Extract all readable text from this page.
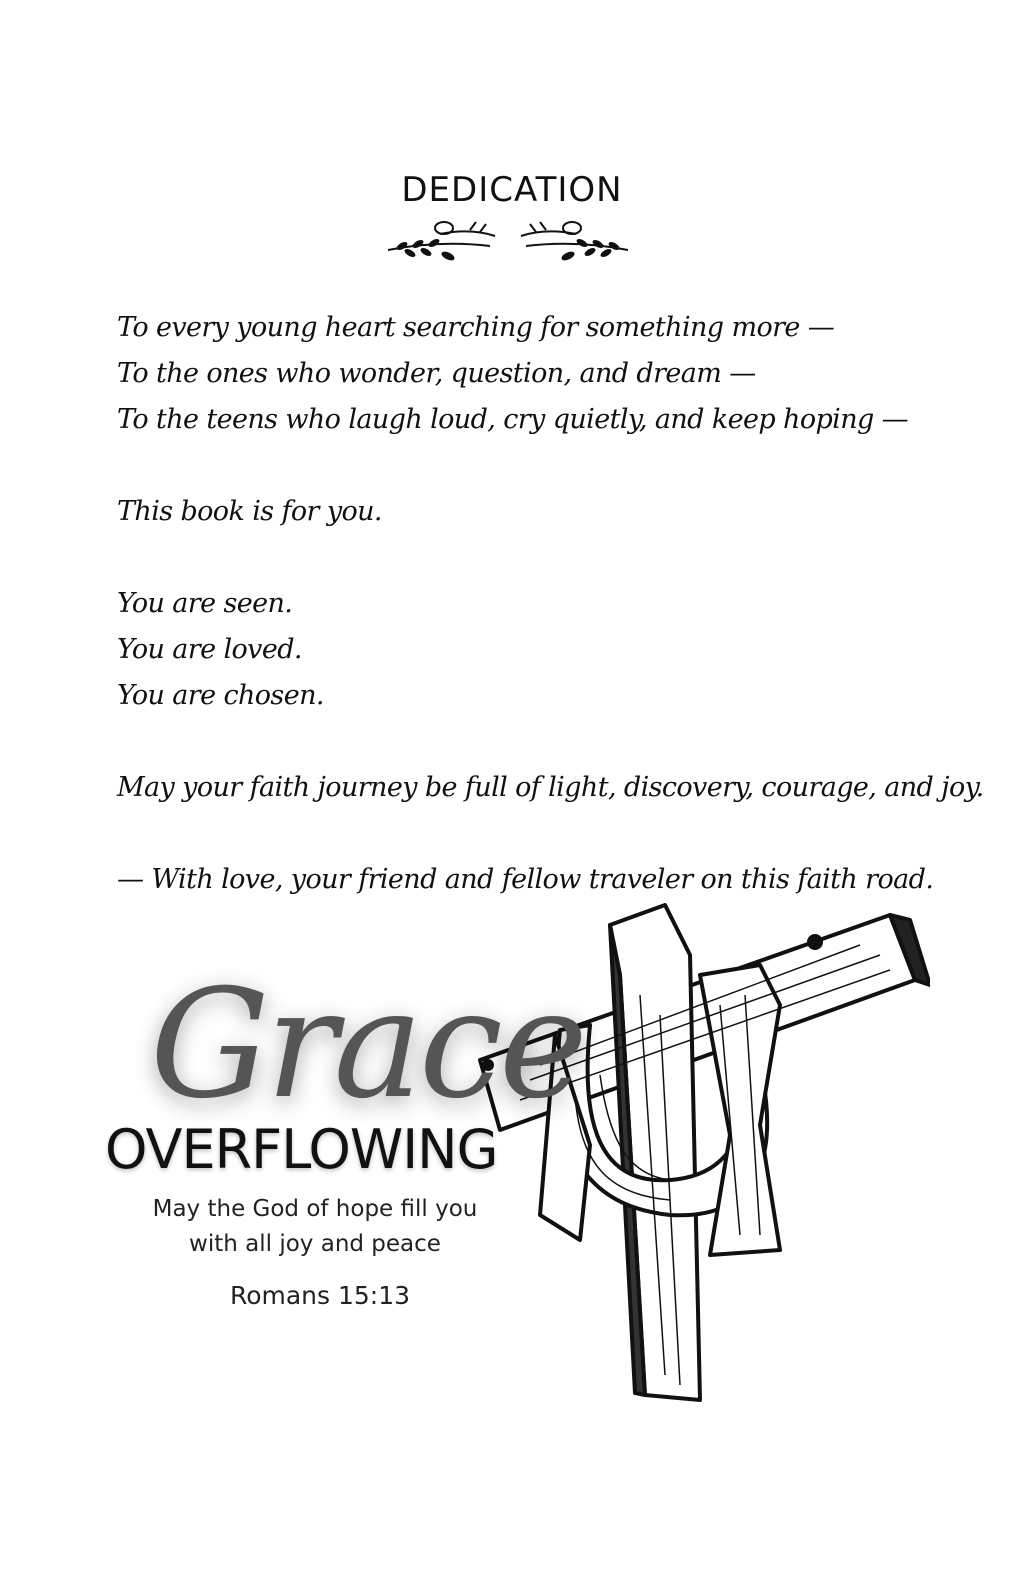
DEDICATION

To every young heart searching for something more —

To the ones who wonder, question, and dream —

To the teens who laugh loud, cry quietly, and keep hoping —

This book is for you.

You are seen.

You are loved.

You are chosen.

May your faith journey be full of light, discovery, courage, and joy.

— With love, your friend and fellow traveler on this faith road.

Grace
OVERFLOWING
May the God of hope fill you
with all joy and peace
Romans 15:13
